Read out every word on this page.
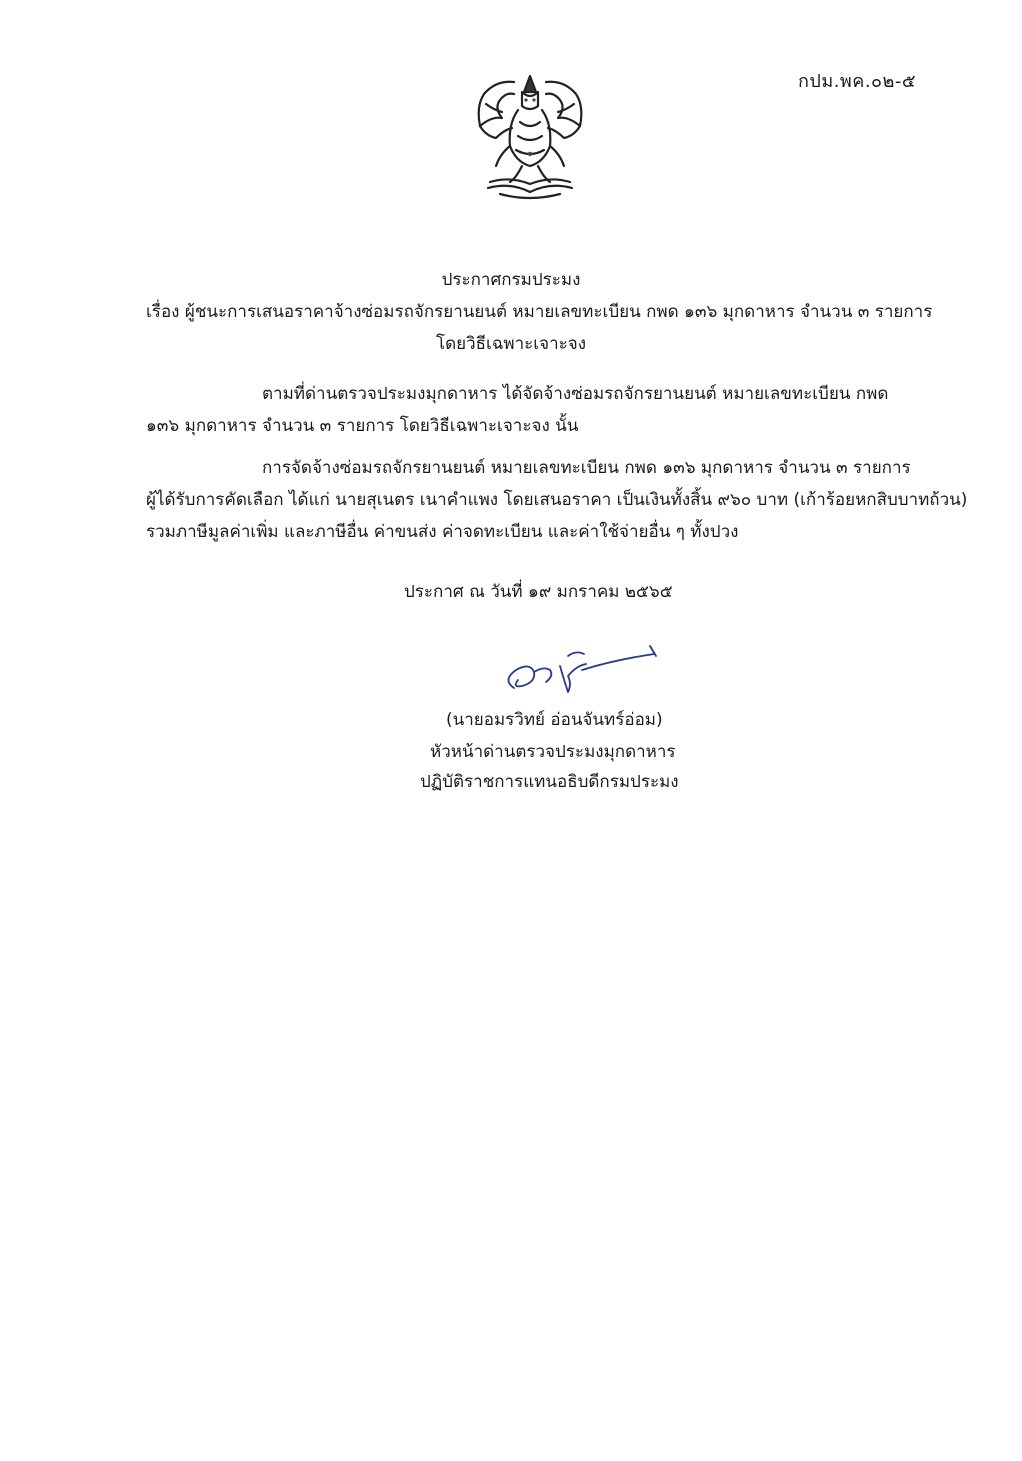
กปม.พค.๐๒-๕
ประกาศกรมประมง
เรื่อง ผู้ชนะการเสนอราคาจ้างซ่อมรถจักรยานยนต์ หมายเลขทะเบียน กพด ๑๓๖ มุกดาหาร จำนวน ๓ รายการ
โดยวิธีเฉพาะเจาะจง
ตามที่ด่านตรวจประมงมุกดาหาร ได้จัดจ้างซ่อมรถจักรยานยนต์ หมายเลขทะเบียน กพด
๑๓๖ มุกดาหาร จำนวน ๓ รายการ โดยวิธีเฉพาะเจาะจง นั้น
การจัดจ้างซ่อมรถจักรยานยนต์ หมายเลขทะเบียน กพด ๑๓๖ มุกดาหาร จำนวน ๓ รายการ
ผู้ได้รับการคัดเลือก ได้แก่ นายสุเนตร เนาคำแพง โดยเสนอราคา เป็นเงินทั้งสิ้น ๙๖๐ บาท (เก้าร้อยหกสิบบาทถ้วน)
รวมภาษีมูลค่าเพิ่ม และภาษีอื่น ค่าขนส่ง ค่าจดทะเบียน และค่าใช้จ่ายอื่น ๆ ทั้งปวง
ประกาศ ณ วันที่ ๑๙ มกราคม ๒๕๖๕
(นายอมรวิทย์ อ่อนจันทร์อ่อม)
หัวหน้าด่านตรวจประมงมุกดาหาร
ปฏิบัติราชการแทนอธิบดีกรมประมง
